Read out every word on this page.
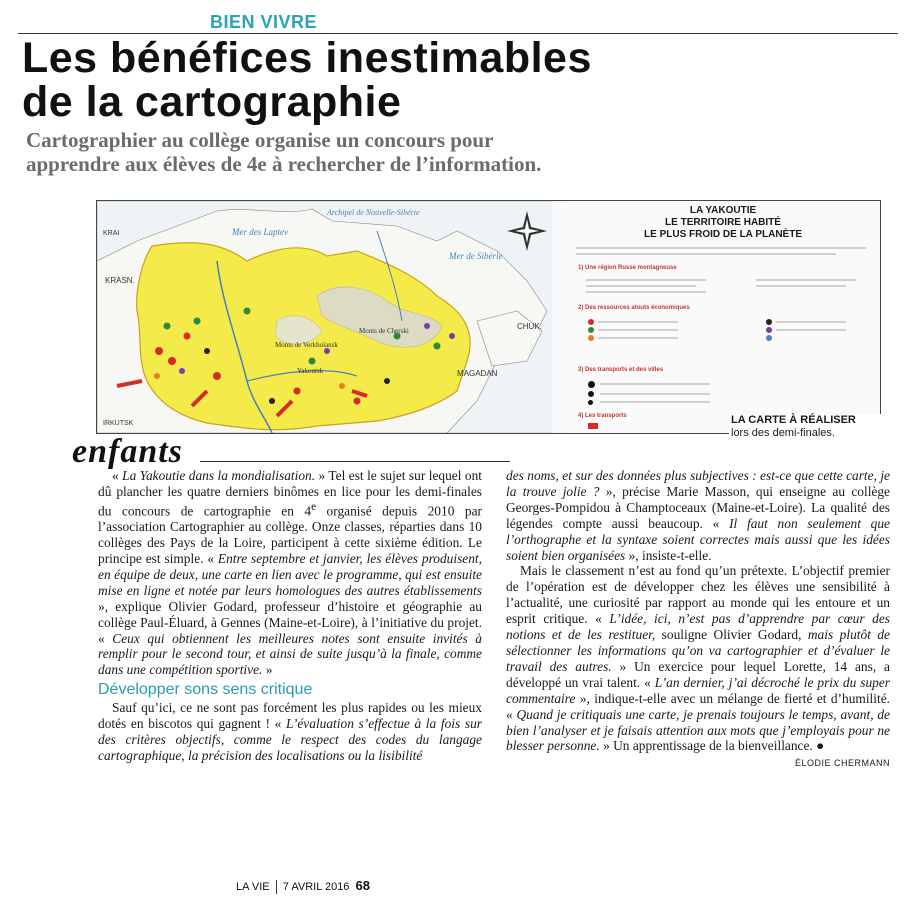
BIEN VIVRE
Les bénéfices inestimables
de la cartographie
Cartographier au collège organise un concours pour
apprendre aux élèves de 4e à rechercher de l’information.
Mer des Laptev
Mer de Sibérie
Archipel de Nouvelle-Sibérie
KRAI
KRASN.
CHUK.
MAGADAN
IRKUTSK
Monts de Verkhoïansk
Monts de Cherski
Yakoutsk
LA YAKOUTIE
LE TERRITOIRE HABITÉ
LE PLUS FROID DE LA PLANÈTE
1) Une région Russe montagneuse
2) Des ressources atouts économiques
3) Des transports et des villes
4) Les transports	LA CARTE À RÉALISER
lors des demi-finales.
enfants

« La Yakoutie dans la mondialisation. » Tel est le sujet sur lequel ont dû plancher les quatre derniers binômes en lice pour les demi-finales du concours de cartographie en 4e organisé depuis 2010 par l’association Cartographier au collège. Onze classes, réparties dans 10 collèges des Pays de la Loire, participent à cette sixième édition. Le principe est simple. « Entre septembre et janvier, les élèves produisent, en équipe de deux, une carte en lien avec le programme, qui est ensuite mise en ligne et notée par leurs homologues des autres établissements », explique Olivier Godard, professeur d’histoire et géographie au collège Paul-Éluard, à Gennes (Maine-et-Loire), à l’initiative du projet. « Ceux qui obtiennent les meilleures notes sont ensuite invités à remplir pour le second tour, et ainsi de suite jusqu’à la finale, comme dans une compétition sportive. »

Développer sons sens critique

Sauf qu’ici, ce ne sont pas forcément les plus rapides ou les mieux dotés en biscotos qui gagnent ! « L’évaluation s’effectue à la fois sur des critères objectifs, comme le respect des codes du langage cartographique, la précision des localisations ou la lisibilité

des noms, et sur des données plus subjectives : est-ce que cette carte, je la trouve jolie ? », précise Marie Masson, qui enseigne au collège Georges-Pompidou à Champtoceaux (Maine-et-Loire). La qualité des légendes compte aussi beaucoup. « Il faut non seulement que l’orthographe et la syntaxe soient correctes mais aussi que les idées soient bien organisées », insiste-t-elle.

Mais le classement n’est au fond qu’un prétexte. L’objectif premier de l’opération est de développer chez les élèves une sensibilité à l’actualité, une curiosité par rapport au monde qui les entoure et un esprit critique. « L’idée, ici, n’est pas d’apprendre par cœur des notions et de les restituer, souligne Olivier Godard, mais plutôt de sélectionner les informations qu’on va cartographier et d’évaluer le travail des autres. » Un exercice pour lequel Lorette, 14 ans, a développé un vrai talent. « L’an dernier, j’ai décroché le prix du super commentaire », indique-t-elle avec un mélange de fierté et d’humilité. « Quand je critiquais une carte, je prenais toujours le temps, avant, de bien l’analyser et je faisais attention aux mots que j’employais pour ne blesser personne. » Un apprentissage de la bienveillance. ●

ÉLODIE CHERMANN
LA VIE 7 AVRIL 2016 68
